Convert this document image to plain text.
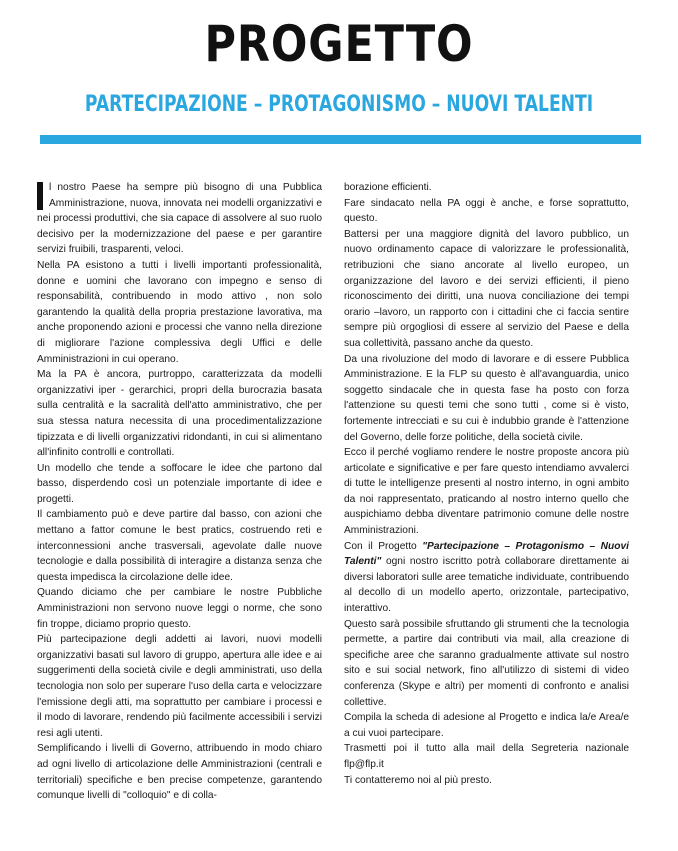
PROGETTO
PARTECIPAZIONE – PROTAGONISMO – NUOVI TALENTI

l nostro Paese ha sempre più bisogno di una Pubblica Amministrazione, nuova, innovata nei modelli organizzativi e nei processi produttivi, che sia capace di assolvere al suo ruolo decisivo per la modernizzazione del paese e per garantire servizi fruibili, trasparenti, veloci.

Nella PA esistono a tutti i livelli importanti professionalità, donne e uomini che lavorano con impegno e senso di responsabilità, contribuendo in modo attivo , non solo garantendo la qualità della propria prestazione lavorativa, ma anche proponendo azioni e processi che vanno nella direzione di migliorare l'azione complessiva degli Uffici e delle Amministrazioni in cui operano.

Ma la PA è ancora, purtroppo, caratterizzata da modelli organizzativi iper - gerarchici, propri della burocrazia basata sulla centralità e la sacralità dell'atto amministrativo, che per sua stessa natura necessita di una procedimentalizzazione tipizzata e di livelli organizzativi ridondanti, in cui si alimentano all'infinito controlli e controllati.

Un modello che tende a soffocare le idee che partono dal basso, disperdendo così un potenziale importante di idee e progetti.

Il cambiamento può e deve partire dal basso, con azioni che mettano a fattor comune le best pratics, costruendo reti e interconnessioni anche trasversali, agevolate dalle nuove tecnologie e dalla possibilità di interagire a distanza senza che questa impedisca la circolazione delle idee.

Quando diciamo che per cambiare le nostre Pubbliche Amministrazioni non servono nuove leggi o norme, che sono fin troppe, diciamo proprio questo.

Più partecipazione degli addetti ai lavori, nuovi modelli organizzativi basati sul lavoro di gruppo, apertura alle idee e ai suggerimenti della società civile e degli amministrati, uso della tecnologia non solo per superare l'uso della carta e velocizzare l'emissione degli atti, ma soprattutto per cambiare i processi e il modo di lavorare, rendendo più facilmente accessibili i servizi resi agli utenti.

Semplificando i livelli di Governo, attribuendo in modo chiaro ad ogni livello di articolazione delle Amministrazioni (centrali e territoriali) specifiche e ben precise competenze, garantendo comunque livelli di "colloquio" e di colla-

borazione efficienti.

Fare sindacato nella PA oggi è anche, e forse soprattutto, questo.

Battersi per una maggiore dignità del lavoro pubblico, un nuovo ordinamento capace di valorizzare le professionalità, retribuzioni che siano ancorate al livello europeo, un organizzazione del lavoro e dei servizi efficienti, il pieno riconoscimento dei diritti, una nuova conciliazione dei tempi orario –lavoro, un rapporto con i cittadini che ci faccia sentire sempre più orgogliosi di essere al servizio del Paese e della sua collettività, passano anche da questo.

Da una rivoluzione del modo di lavorare e di essere Pubblica Amministrazione. E la FLP su questo è all'avanguardia, unico soggetto sindacale che in questa fase ha posto con forza l'attenzione su questi temi che sono tutti , come si è visto, fortemente intrecciati e su cui è indubbio grande è l'attenzione del Governo, delle forze politiche, della società civile.

Ecco il perché vogliamo rendere le nostre proposte ancora più articolate e significative e per fare questo intendiamo avvalerci di tutte le intelligenze presenti al nostro interno, in ogni ambito da noi rappresentato, praticando al nostro interno quello che auspichiamo debba diventare patrimonio comune delle nostre Amministrazioni.

Con il Progetto "Partecipazione – Protagonismo – Nuovi Talenti" ogni nostro iscritto potrà collaborare direttamente ai diversi laboratori sulle aree tematiche individuate, contribuendo al decollo di un modello aperto, orizzontale, partecipativo, interattivo.

Questo sarà possibile sfruttando gli strumenti che la tecnologia permette, a partire dai contributi via mail, alla creazione di specifiche aree che saranno gradualmente attivate sul nostro sito e sui social network, fino all'utilizzo di sistemi di video conferenza (Skype e altri) per momenti di confronto e analisi collettive.

Compila la scheda di adesione al Progetto e indica la/e Area/e a cui vuoi partecipare.

Trasmetti poi il tutto alla mail della Segreteria nazionale flp@flp.it

Ti contatteremo noi al più presto.
